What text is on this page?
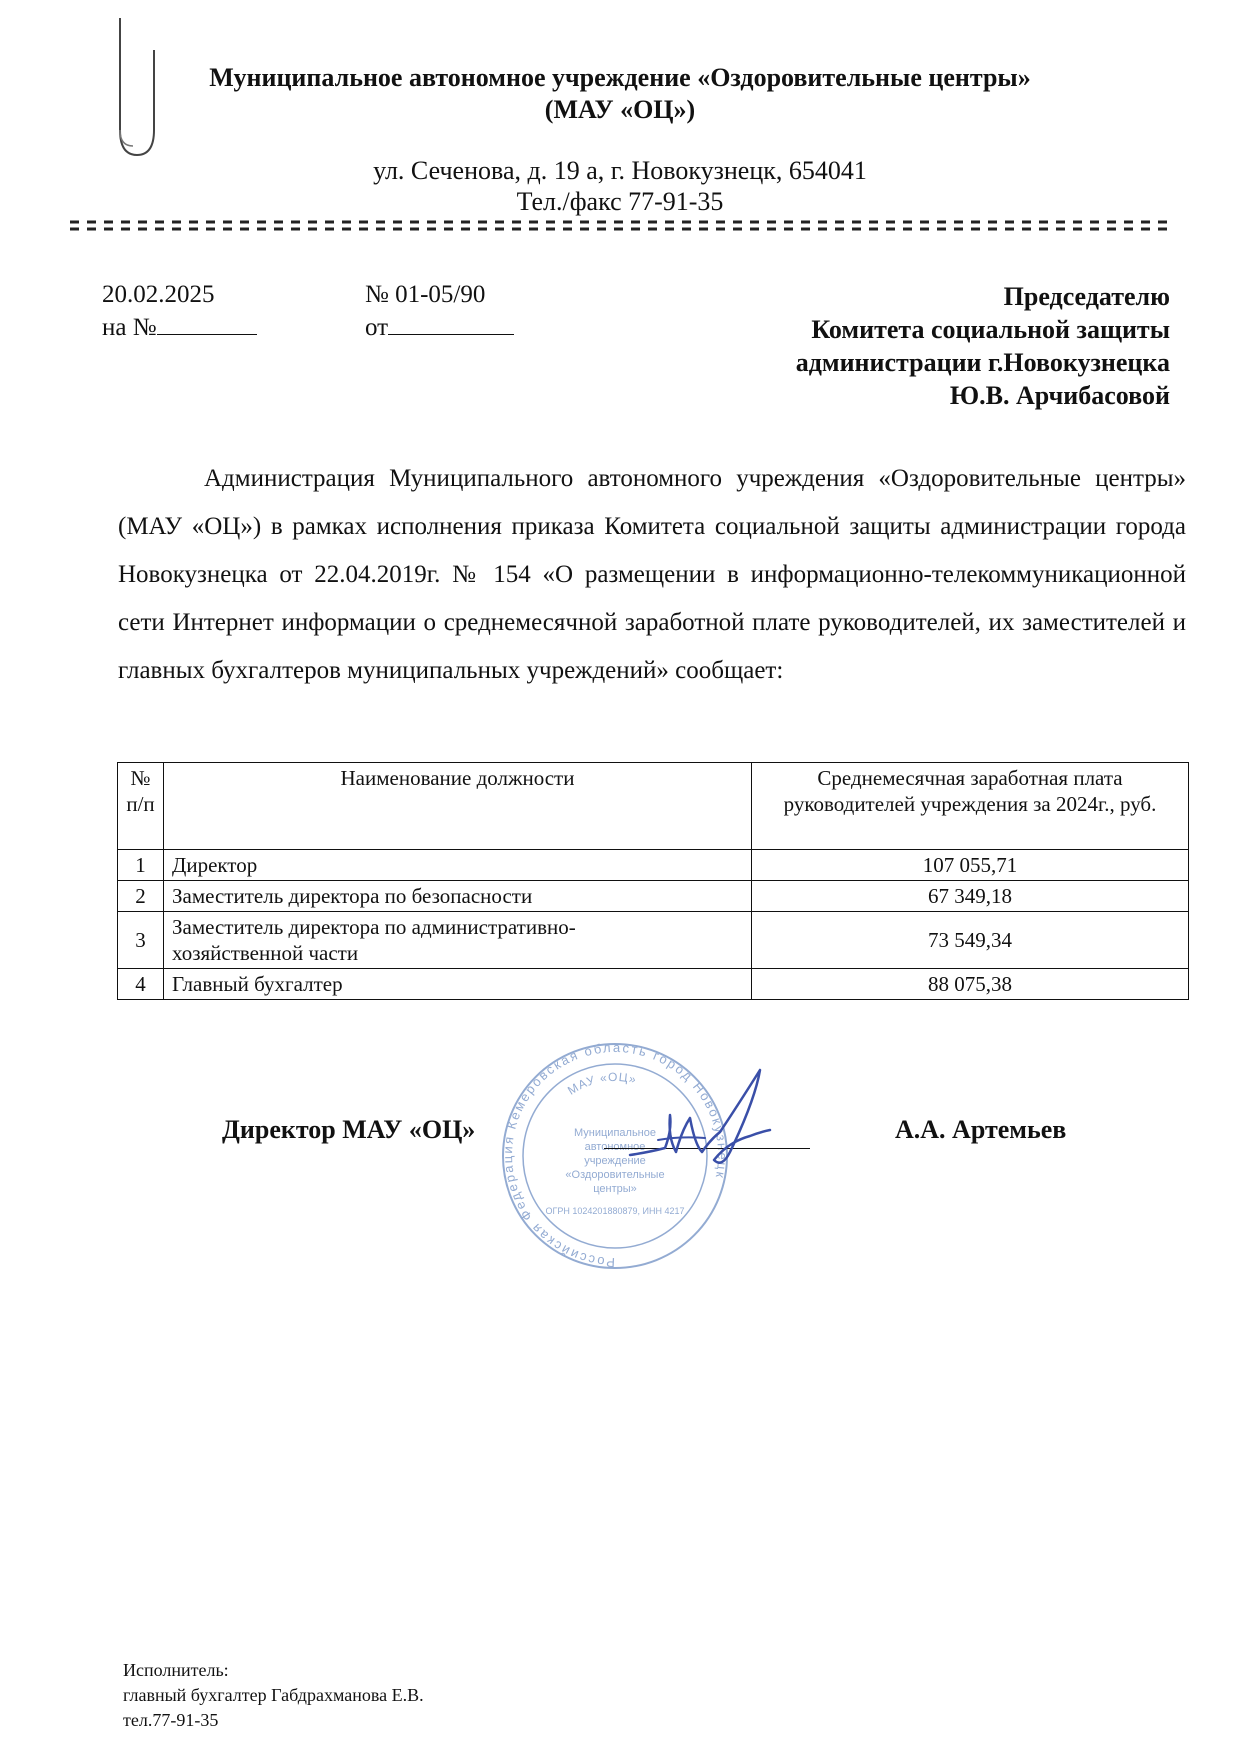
Муниципальное автономное учреждение «Оздоровительные центры»
(МАУ «ОЦ»)
ул. Сеченова, д. 19 а, г. Новокузнецк, 654041
Тел./факс 77-91-35
20.02.2025
на №
№ 01-05/90
от
Председателю
Комитета социальной защиты
администрации г.Новокузнецка
Ю.В. Арчибасовой
Администрация Муниципального автономного учреждения «Оздоровительные центры» (МАУ «ОЦ») в рамках исполнения приказа Комитета социальной защиты администрации города Новокузнецка от 22.04.2019г. № 154 «О размещении в информационно-телекоммуникационной сети Интернет информации о среднемесячной заработной плате руководителей, их заместителей и главных бухгалтеров муниципальных учреждений» сообщает:
№ п/п	Наименование должности	Среднемесячная заработная плата руководителей учреждения за 2024г., руб.
1	Директор	107 055,71
2	Заместитель директора по безопасности	67 349,18
3	Заместитель директора по административно-хозяйственной части	73 549,34
4	Главный бухгалтер	88 075,38
Российская Федерация Кемеровская область город Новокузнецк
МАУ «ОЦ»
Муниципальное
автономное
учреждение
«Оздоровительные
центры»
ОГРН 1024201880879, ИНН 4217
Директор МАУ «ОЦ»	А.А. Артемьев
Исполнитель:
главный бухгалтер Габдрахманова Е.В.
тел.77-91-35
